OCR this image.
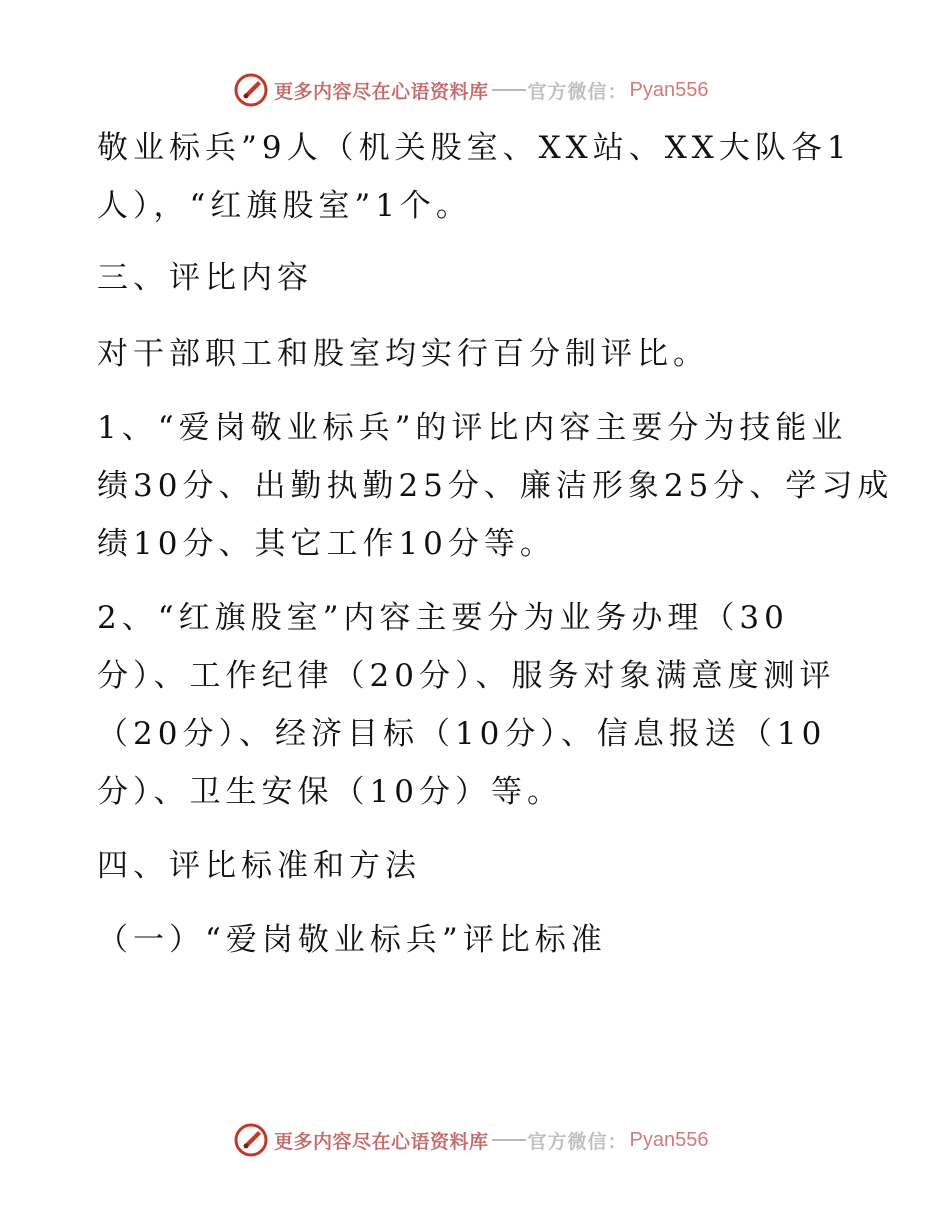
更多内容尽在心语资料库 官方微信： Pyan556
敬业标兵”9人（机关股室、XX站、XX大队各1
人），“红旗股室”1个。
三、评比内容
对干部职工和股室均实行百分制评比。
1、“爱岗敬业标兵”的评比内容主要分为技能业
绩30分、出勤执勤25分、廉洁形象25分、学习成
绩10分、其它工作10分等。
2、“红旗股室”内容主要分为业务办理（30
分）、工作纪律（20分）、服务对象满意度测评
（20分）、经济目标（10分）、信息报送（10
分）、卫生安保（10分）等。
四、评比标准和方法
（一）“爱岗敬业标兵”评比标准
更多内容尽在心语资料库 官方微信： Pyan556
